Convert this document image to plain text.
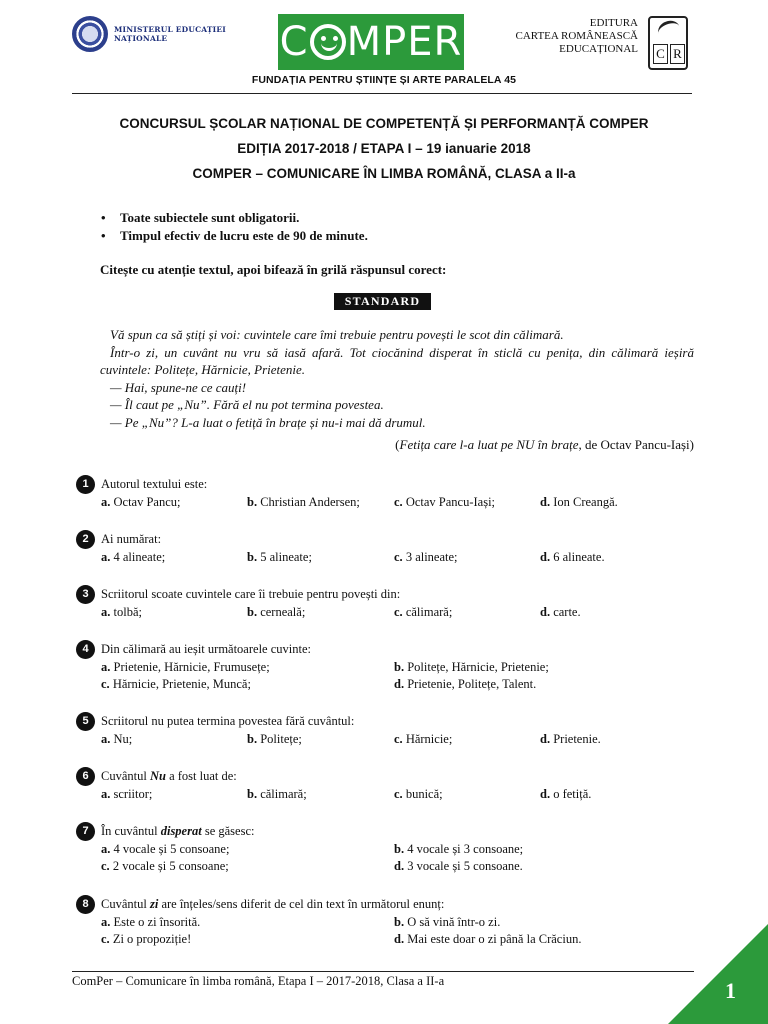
MINISTERUL EDUCAȚIEI
NAȚIONALE	C MPER	EDITURA
CARTEA ROMÂNEASCĂ
EDUCAȚIONAL C R
FUNDAȚIA PENTRU ȘTIINȚE ȘI ARTE PARALELA 45
CONCURSUL ȘCOLAR NAȚIONAL DE COMPETENȚĂ ȘI PERFORMANȚĂ COMPER
EDIȚIA 2017-2018 / ETAPA I – 19 ianuarie 2018
COMPER – COMUNICARE ÎN LIMBA ROMÂNĂ, CLASA a II-a
• Toate subiectele sunt obligatorii.
• Timpul efectiv de lucru este de 90 de minute.
Citește cu atenție textul, apoi bifează în grilă răspunsul corect:
STANDARD

Vă spun ca să știți și voi: cuvintele care îmi trebuie pentru povești le scot din călimară.

Într-o zi, un cuvânt nu vru să iasă afară. Tot ciocănind disperat în sticlă cu penița, din călimară ieșiră cuvintele: Politețe, Hărnicie, Prietenie.

— Hai, spune-ne ce cauți!

— Îl caut pe „Nu”. Fără el nu pot termina povestea.

— Pe „Nu”? L-a luat o fetiță în brațe și nu-i mai dă drumul.

(Fetița care l-a luat pe NU în brațe, de Octav Pancu-Iași)
1 Autorul textului este:
a. Octav Pancu;	b. Christian Andersen;	c. Octav Pancu-Iași;	d. Ion Creangă.
2 Ai numărat:
a. 4 alineate;	b. 5 alineate;	c. 3 alineate;	d. 6 alineate.
3 Scriitorul scoate cuvintele care îi trebuie pentru povești din:
a. tolbă;	b. cerneală;	c. călimară;	d. carte.
4 Din călimară au ieșit următoarele cuvinte:
a. Prietenie, Hărnicie, Frumusețe;	b. Politețe, Hărnicie, Prietenie;
c. Hărnicie, Prietenie, Muncă;	d. Prietenie, Politețe, Talent.
5 Scriitorul nu putea termina povestea fără cuvântul:
a. Nu;	b. Politețe;	c. Hărnicie;	d. Prietenie.
6 Cuvântul Nu a fost luat de:
a. scriitor;	b. călimară;	c. bunică;	d. o fetiță.
7 În cuvântul disperat se găsesc:
a. 4 vocale și 5 consoane;	b. 4 vocale și 3 consoane;
c. 2 vocale și 5 consoane;	d. 3 vocale și 5 consoane.
8 Cuvântul zi are înțeles/sens diferit de cel din text în următorul enunț:
a. Este o zi însorită.	b. O să vină într-o zi.
c. Zi o propoziție!	d. Mai este doar o zi până la Crăciun.
ComPer – Comunicare în limba română, Etapa I – 2017-2018, Clasa a II-a	1
